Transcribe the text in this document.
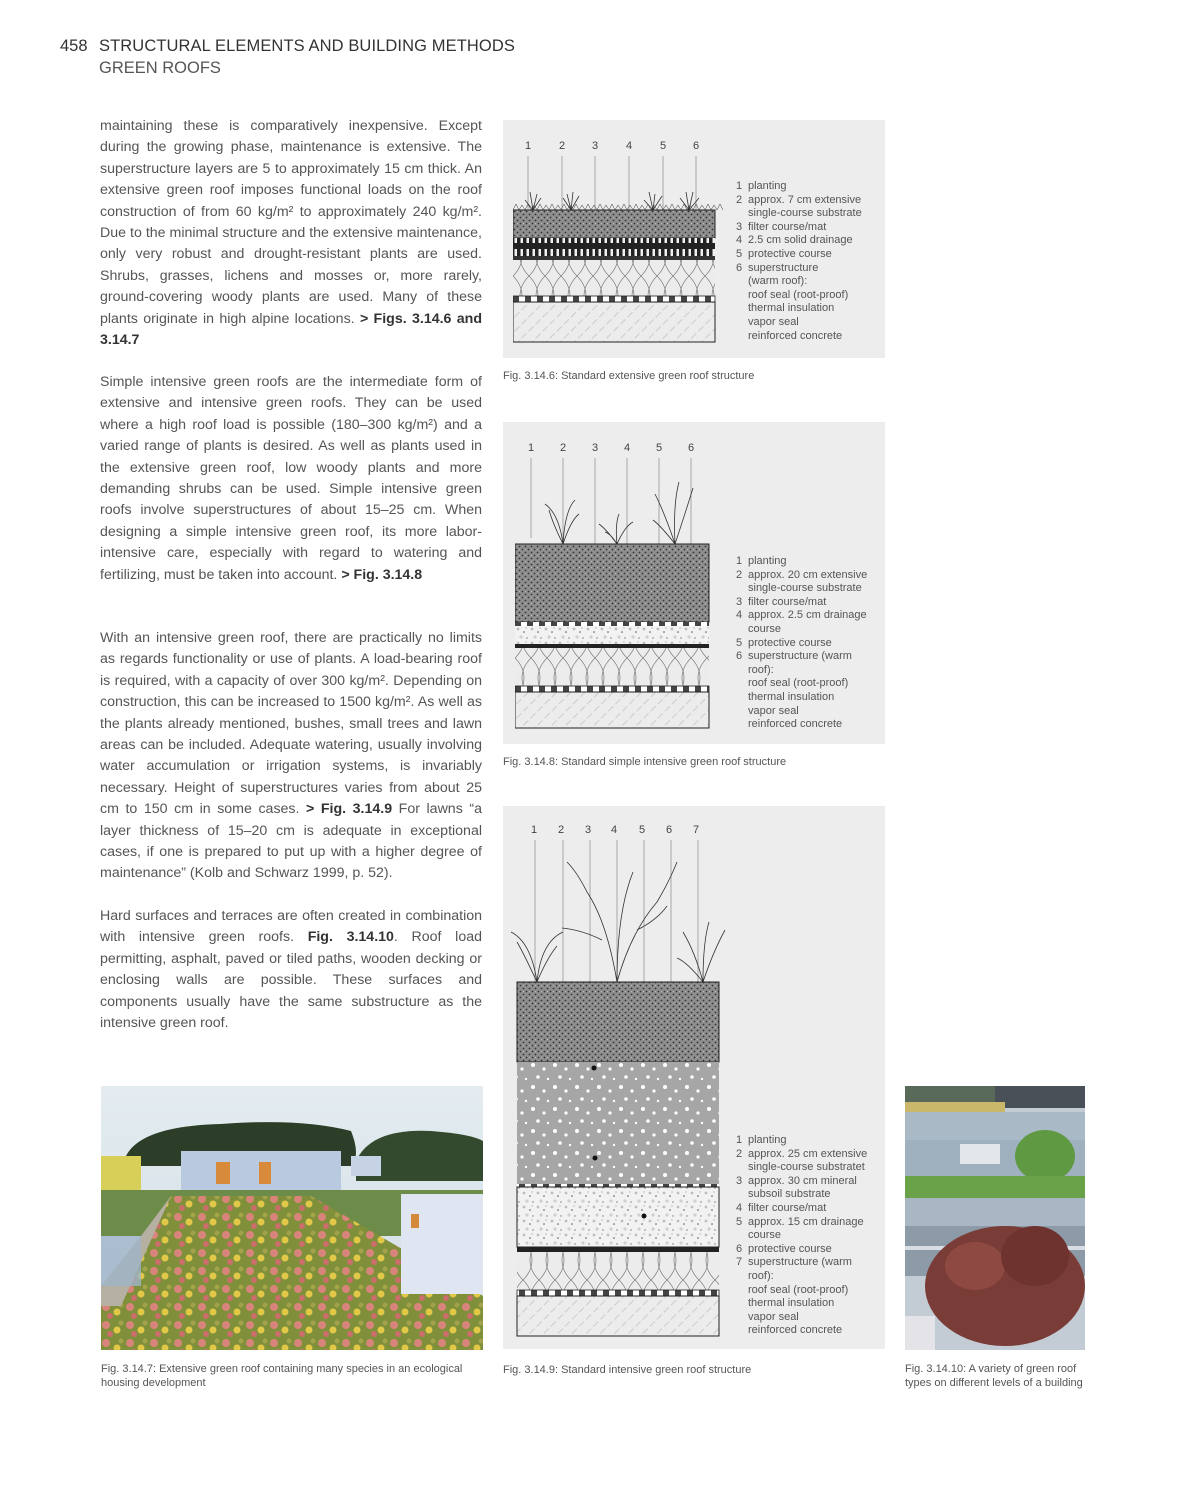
458 STRUCTURAL ELEMENTS AND BUILDING METHODS
GREEN ROOFS

maintaining these is comparatively inexpensive. Except during the growing phase, maintenance is extensive. The superstructure layers are 5 to approximately 15 cm thick. An extensive green roof imposes functional loads on the roof construction of from 60 kg/m² to approximately 240 kg/m². Due to the minimal structure and the extensive maintenance, only very robust and drought-resistant plants are used. Shrubs, grasses, lichens and mosses or, more rarely, ground-covering woody plants are used. Many of these plants originate in high alpine locations. > Figs. 3.14.6 and 3.14.7

Simple intensive green roofs are the intermediate form of extensive and intensive green roofs. They can be used where a high roof load is possible (180–300 kg/m²) and a varied range of plants is desired. As well as plants used in the extensive green roof, low woody plants and more demanding shrubs can be used. Simple intensive green roofs involve superstructures of about 15–25 cm. When designing a simple intensive green roof, its more labor-intensive care, especially with regard to watering and fertilizing, must be taken into account. > Fig. 3.14.8

With an intensive green roof, there are practically no limits as regards functionality or use of plants. A load-bearing roof is required, with a capacity of over 300 kg/m². Depending on construction, this can be increased to 1500 kg/m². As well as the plants already mentioned, bushes, small trees and lawn areas can be included. Adequate watering, usually involving water accumulation or irrigation systems, is invariably necessary. Height of superstructures varies from about 25 cm to 150 cm in some cases. > Fig. 3.14.9 For lawns “a layer thickness of 15–20 cm is adequate in exceptional cases, if one is prepared to put up with a higher degree of maintenance” (Kolb and Schwarz 1999, p. 52).

Hard surfaces and terraces are often created in combination with intensive green roofs. Fig. 3.14.10. Roof load permitting, asphalt, paved or tiled paths, wooden decking or enclosing walls are possible. These surfaces and components usually have the same substructure as the intensive green roof.

1	2 3	4	5 6
1 planting
2 approx. 7 cm extensive
single-course substrate
3 filter course/mat
4 2.5 cm solid drainage
5 protective course
6 superstructure
(warm roof):
roof seal (root-proof)
thermal insulation
vapor seal
reinforced concrete
Fig. 3.14.6: Standard extensive green roof structure
1 2 3 4 5 6
1 planting
2 approx. 20 cm extensive
single-course substrate
3 filter course/mat
4 approx. 2.5 cm drainage
course
5 protective course
6 superstructure (warm
roof):
roof seal (root-proof)
thermal insulation
vapor seal
reinforced concrete
Fig. 3.14.8: Standard simple intensive green roof structure
1 2 3 4 5 6 7
1 planting
2 approx. 25 cm extensive
single-course substratet
3 approx. 30 cm mineral
subsoil substrate
4 filter course/mat
5 approx. 15 cm drainage
course
6 protective course
7 superstructure (warm
roof):
roof seal (root-proof)
thermal insulation
vapor seal
reinforced concrete
Fig. 3.14.9: Standard intensive green roof structure
Fig. 3.14.7: Extensive green roof containing many species in an ecological housing development
Fig. 3.14.10: A variety of green roof types on different levels of a building
